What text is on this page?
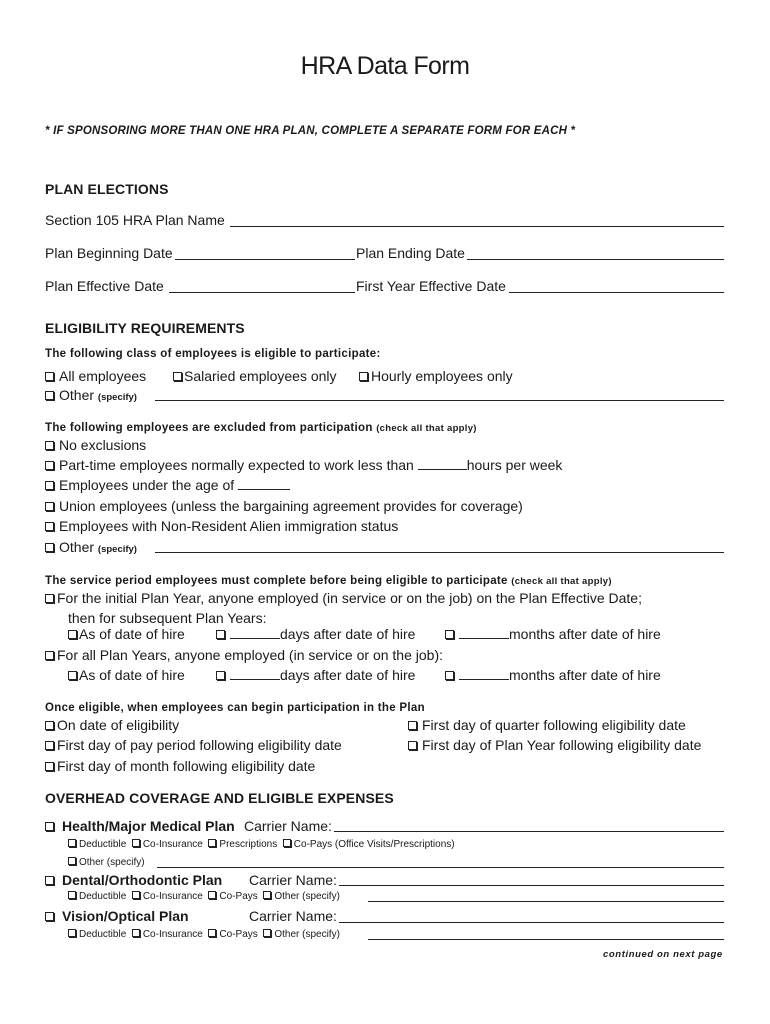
HRA Data Form
* IF SPONSORING MORE THAN ONE HRA PLAN, COMPLETE A SEPARATE FORM FOR EACH *
PLAN ELECTIONS
Section 105 HRA Plan Name
Plan Beginning Date	Plan Ending Date
Plan Effective Date	First Year Effective Date
ELIGIBILITY REQUIREMENTS
The following class of employees is eligible to participate:
All employees	Salaried employees only	Hourly employees only
Other (specify)
The following employees are excluded from participation (check all that apply)
No exclusions
Part-time employees normally expected to work less than	hours per week
Employees under the age of
Union employees (unless the bargaining agreement provides for coverage)
Employees with Non-Resident Alien immigration status
Other (specify)
The service period employees must complete before being eligible to participate (check all that apply)
For the initial Plan Year, anyone employed (in service or on the job) on the Plan Effective Date;
then for subsequent Plan Years:
As of date of hire	days after date of hire	months after date of hire
For all Plan Years, anyone employed (in service or on the job):
As of date of hire	days after date of hire	months after date of hire
Once eligible, when employees can begin participation in the Plan
On date of eligibility	First day of quarter following eligibility date
First day of pay period following eligibility date	First day of Plan Year following eligibility date
First day of month following eligibility date
OVERHEAD COVERAGE AND ELIGIBLE EXPENSES
Health/Major Medical Plan Carrier Name:
Deductible Co-Insurance Prescriptions Co-Pays (Office Visits/Prescriptions)
Other (specify)
Dental/Orthodontic Plan Carrier Name:
Deductible Co-Insurance Co-Pays Other (specify)
Vision/Optical Plan	Carrier Name:
Deductible Co-Insurance Co-Pays Other (specify)
continued on next page
